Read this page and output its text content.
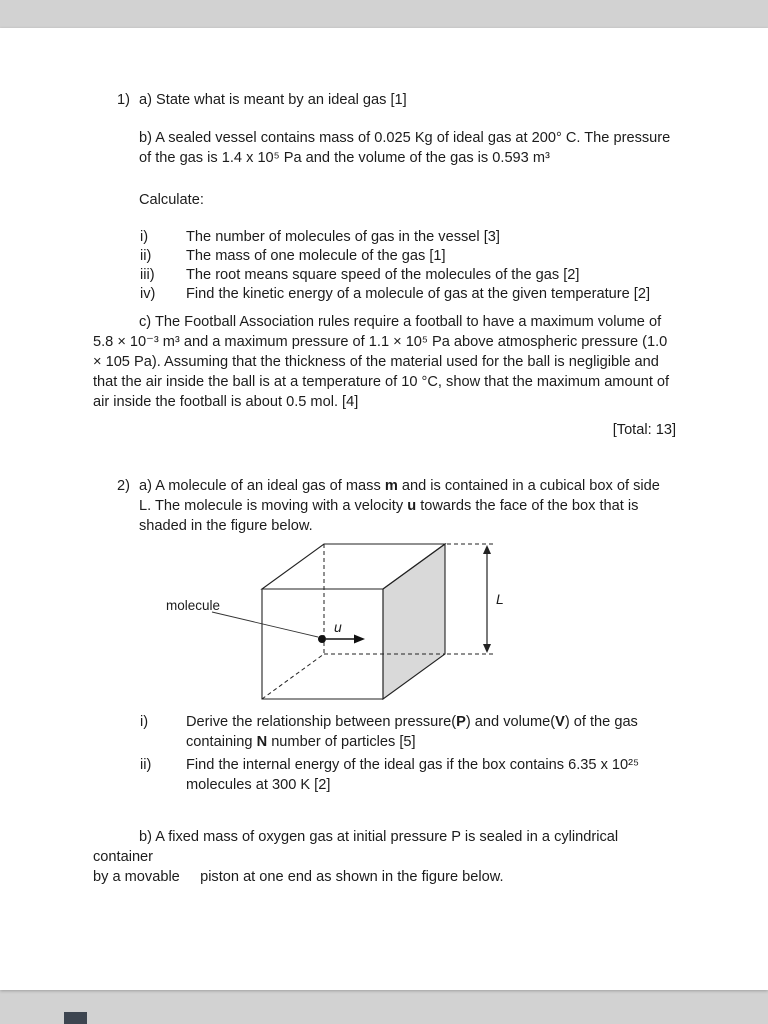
1) a) State what is meant by an ideal gas [1]
b) A sealed vessel contains mass of 0.025 Kg of ideal gas at 200° C. The pressure of the gas is 1.4 x 10⁵ Pa and the volume of the gas is 0.593 m³
Calculate:
i)	The number of molecules of gas in the vessel [3]
ii)	The mass of one molecule of the gas [1]
iii)	The root means square speed of the molecules of the gas [2]
iv)	Find the kinetic energy of a molecule of gas at the given temperature [2]
c) The Football Association rules require a football to have a maximum volume of 5.8 × 10⁻³ m³ and a maximum pressure of 1.1 × 10⁵ Pa above atmospheric pressure (1.0 × 105 Pa). Assuming that the thickness of the material used for the ball is negligible and that the air inside the ball is at a temperature of 10 °C, show that the maximum amount of air inside the football is about 0.5 mol. [4]
[Total: 13]
2) a) A molecule of an ideal gas of mass m and is contained in a cubical box of side L. The molecule is moving with a velocity u towards the face of the box that is shaded in the figure below.
L
u
molecule
i)	Derive the relationship between pressure(P) and volume(V) of the gas containing N number of particles [5]
ii)	Find the internal energy of the ideal gas if the box contains 6.35 x 10²⁵ molecules at 300 K [2]
b) A fixed mass of oxygen gas at initial pressure P is sealed in a cylindrical container
by a movable     piston at one end as shown in the figure below.
